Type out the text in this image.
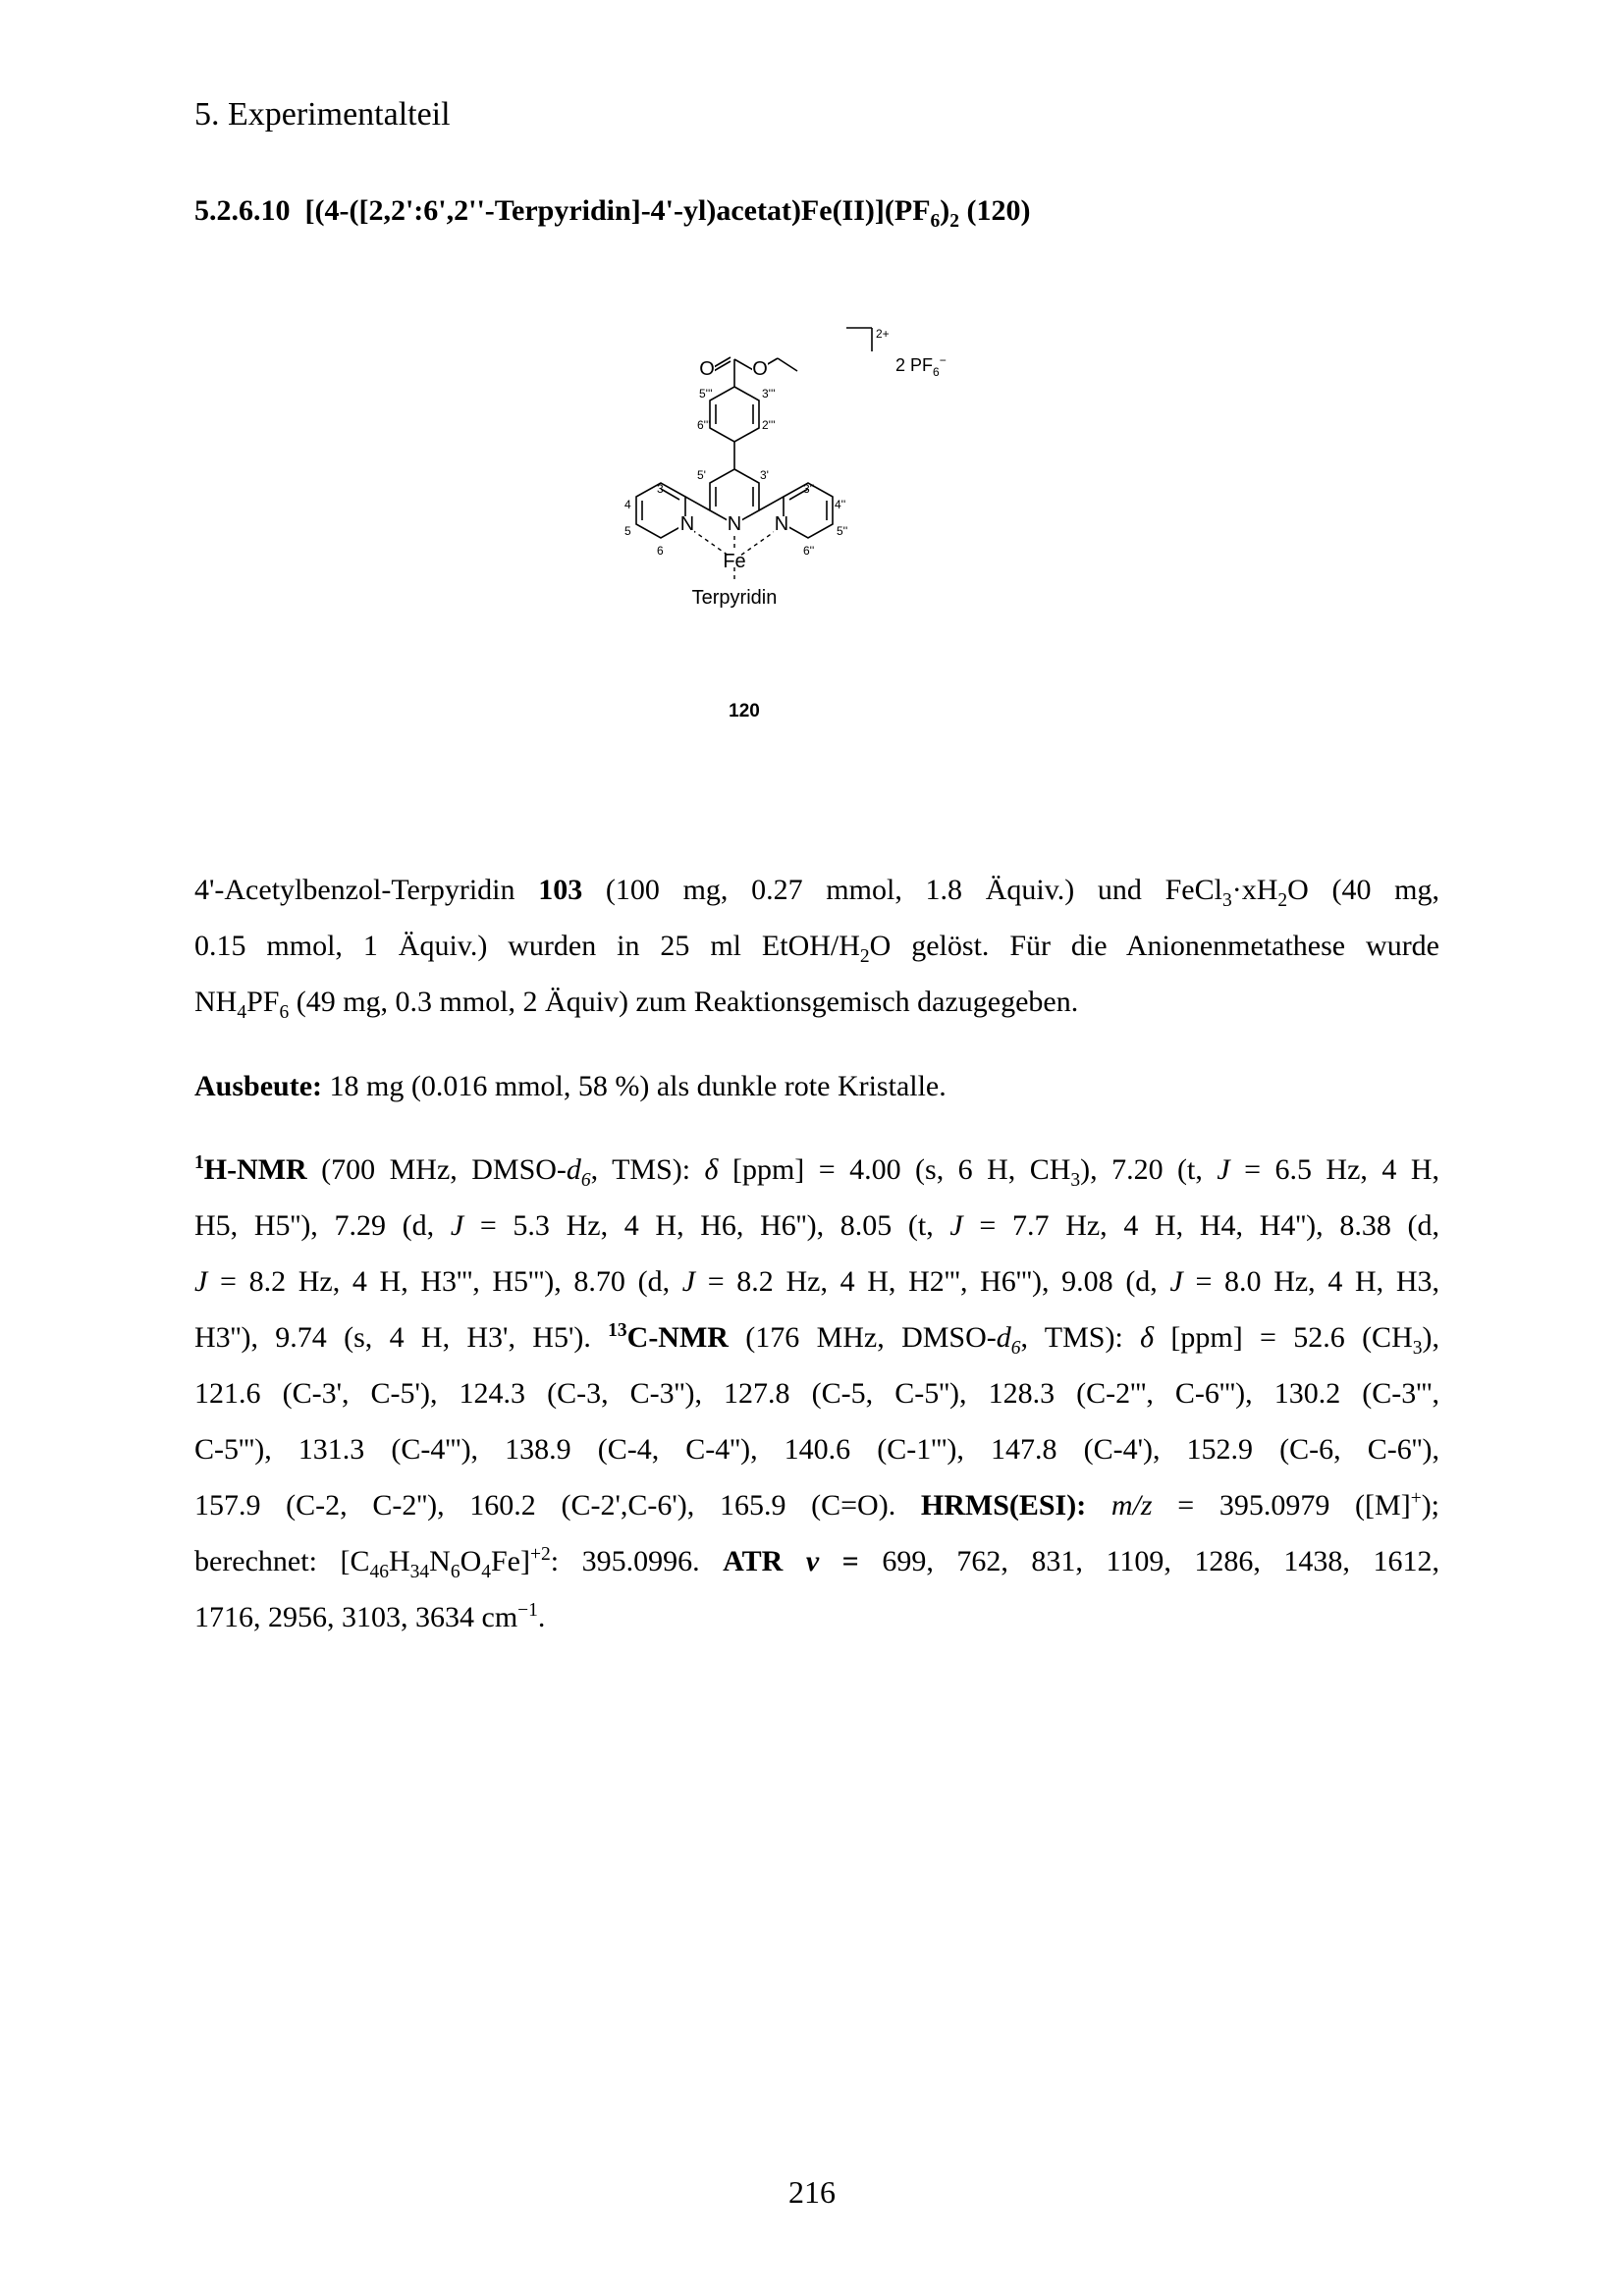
5. Experimentalteil
5.2.6.10 $[(4-([2,2':6',2''-Terpyridin]-4'-yl)acetat)Fe(II)](PF_6)_2$ (120)
O O
N
N	N
Fe
5'''	3'''
6'''	2'''
5'	3'
3
4
5
6
3''
4''
5''
6''
2+
2 $PF_6^-$
Terpyridin
120
4'-Acetylbenzol-Terpyridin 103 (100 mg, 0.27 mmol, 1.8 Äquiv.) und $FeCl_3\cdot xH_2O$ (40 mg,
0.15 mmol, 1 Äquiv.) wurden in 25 ml EtOH/$H_2O$ gelöst. Für die Anionenmetathese wurde
$NH_4PF_6$ (49 mg, 0.3 mmol, 2 Äquiv) zum Reaktionsgemisch dazugegeben.
Ausbeute: 18 mg (0.016 mmol, 58 %) als dunkle rote Kristalle.
$^1$H-NMR (700 MHz, DMSO-$d_6$, TMS): δ [ppm] = 4.00 (s, 6 H, $CH_3$), 7.20 (t, J = 6.5 Hz, 4 H,
H5, H5''), 7.29 (d, J = 5.3 Hz, 4 H, H6, H6''), 8.05 (t, J = 7.7 Hz, 4 H, H4, H4''), 8.38 (d,
J = 8.2 Hz, 4 H, H3''', H5'''), 8.70 (d, J = 8.2 Hz, 4 H, H2''', H6'''), 9.08 (d, J = 8.0 Hz, 4 H, H3,
H3''), 9.74 (s, 4 H, H3', H5'). $^{13}$C-NMR (176 MHz, DMSO-$d_6$, TMS): δ [ppm] = 52.6 $(CH_3)$,
121.6 (C-3', C-5'), 124.3 (C-3, C-3''), 127.8 (C-5, C-5''), 128.3 (C-2''', C-6'''), 130.2 (C-3''',
C-5'''), 131.3 (C-4'''), 138.9 (C-4, C-4''), 140.6 (C-1'''), 147.8 (C-4'), 152.9 (C-6, C-6''),
157.9 (C-2, C-2''), 160.2 (C-2',C-6'), 165.9 (C=O). HRMS(ESI): m/z = 395.0979 ([M]+);
berechnet: $[C_{46}H_{34}N_6O_4Fe]^{+2}$: 395.0996. ATR ν = 699, 762, 831, 1109, 1286, 1438, 1612,
1716, 2956, 3103, 3634 $cm^{-1}$.
216
